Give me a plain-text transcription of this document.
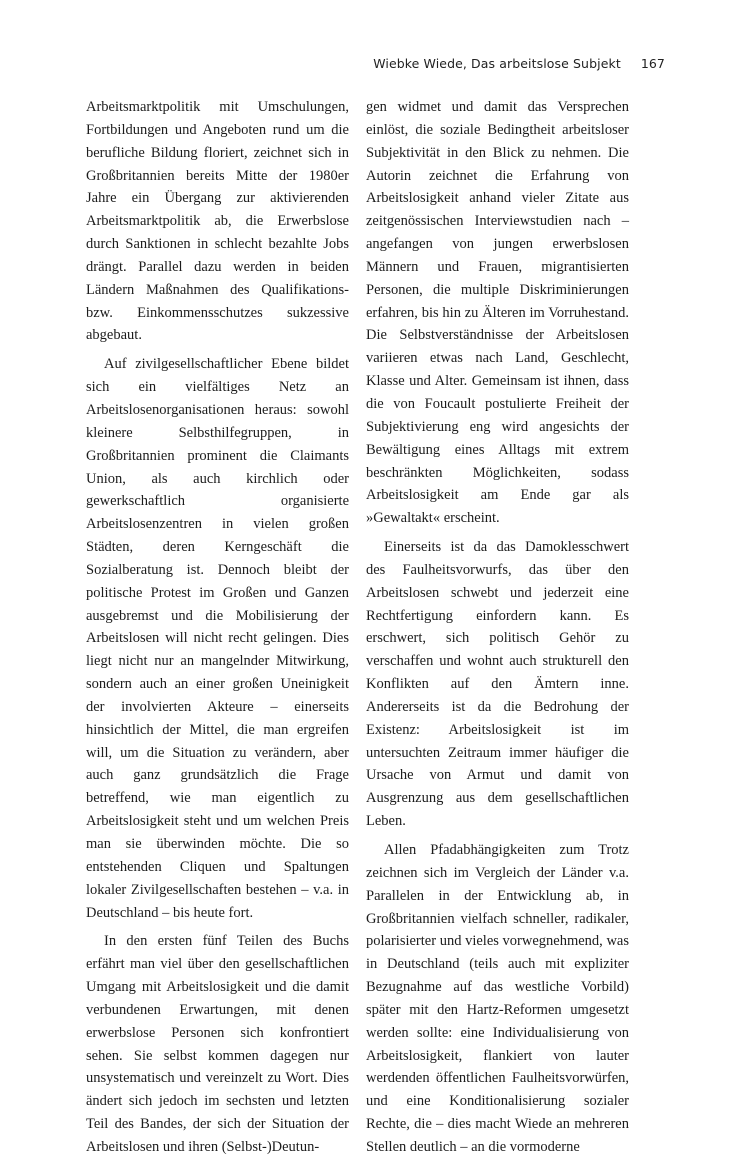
Wiebke Wiede, Das arbeitslose Subjekt 167

Arbeitsmarktpolitik mit Umschulungen, Fortbildungen und Angeboten rund um die berufliche Bildung floriert, zeichnet sich in Großbritannien bereits Mitte der 1980er Jahre ein Übergang zur aktivierenden Arbeitsmarktpolitik ab, die Erwerbslose durch Sanktionen in schlecht bezahlte Jobs drängt. Parallel dazu werden in beiden Ländern Maßnahmen des Qualifikations- bzw. Einkommensschutzes sukzessive abgebaut.

Auf zivilgesellschaftlicher Ebene bildet sich ein vielfältiges Netz an Arbeitslosenorganisationen heraus: sowohl kleinere Selbsthilfegruppen, in Großbritannien prominent die Claimants Union, als auch kirchlich oder gewerkschaftlich organisierte Arbeitslosenzentren in vielen großen Städten, deren Kerngeschäft die Sozialberatung ist. Dennoch bleibt der politische Protest im Großen und Ganzen ausgebremst und die Mobilisierung der Arbeitslosen will nicht recht gelingen. Dies liegt nicht nur an mangelnder Mitwirkung, sondern auch an einer großen Uneinigkeit der involvierten Akteure – einerseits hinsichtlich der Mittel, die man ergreifen will, um die Situation zu verändern, aber auch ganz grundsätzlich die Frage betreffend, wie man eigentlich zu Arbeitslosigkeit steht und um welchen Preis man sie überwinden möchte. Die so entstehenden Cliquen und Spaltungen lokaler Zivilgesellschaften bestehen – v.a. in Deutschland – bis heute fort.

In den ersten fünf Teilen des Buchs erfährt man viel über den gesellschaftlichen Umgang mit Arbeitslosigkeit und die damit verbundenen Erwartungen, mit denen erwerbslose Personen sich konfrontiert sehen. Sie selbst kommen dagegen nur unsystematisch und vereinzelt zu Wort. Dies ändert sich jedoch im sechsten und letzten Teil des Bandes, der sich der Situation der Arbeitslosen und ihren (Selbst-)Deutun-

gen widmet und damit das Versprechen einlöst, die soziale Bedingtheit arbeitsloser Subjektivität in den Blick zu nehmen. Die Autorin zeichnet die Erfahrung von Arbeitslosigkeit anhand vieler Zitate aus zeitgenössischen Interviewstudien nach – angefangen von jungen erwerbslosen Männern und Frauen, migrantisierten Personen, die multiple Diskriminierungen erfahren, bis hin zu Älteren im Vorruhestand. Die Selbstverständnisse der Arbeitslosen variieren etwas nach Land, Geschlecht, Klasse und Alter. Gemeinsam ist ihnen, dass die von Foucault postulierte Freiheit der Subjektivierung eng wird angesichts der Bewältigung eines Alltags mit extrem beschränkten Möglichkeiten, sodass Arbeitslosigkeit am Ende gar als »Gewaltakt« erscheint.

Einerseits ist da das Damoklesschwert des Faulheitsvorwurfs, das über den Arbeitslosen schwebt und jederzeit eine Rechtfertigung einfordern kann. Es erschwert, sich politisch Gehör zu verschaffen und wohnt auch strukturell den Konflikten auf den Ämtern inne. Andererseits ist da die Bedrohung der Existenz: Arbeitslosigkeit ist im untersuchten Zeitraum immer häufiger die Ursache von Armut und damit von Ausgrenzung aus dem gesellschaftlichen Leben.

Allen Pfadabhängigkeiten zum Trotz zeichnen sich im Vergleich der Länder v.a. Parallelen in der Entwicklung ab, in Großbritannien vielfach schneller, radikaler, polarisierter und vieles vorwegnehmend, was in Deutschland (teils auch mit expliziter Bezugnahme auf das westliche Vorbild) später mit den Hartz-Reformen umgesetzt werden sollte: eine Individualisierung von Arbeitslosigkeit, flankiert von lauter werdenden öffentlichen Faulheitsvorwürfen, und eine Konditionalisierung sozialer Rechte, die – dies macht Wiede an mehreren Stellen deutlich – an die vormoderne
